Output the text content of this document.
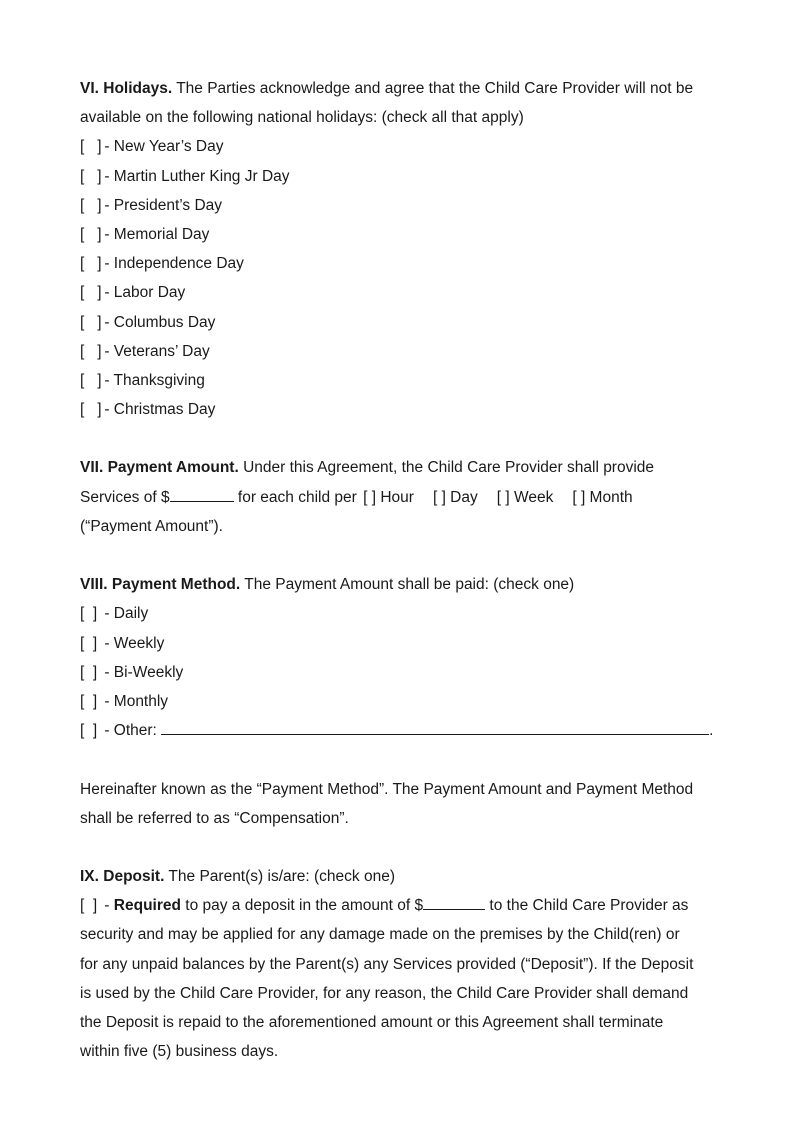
VI. Holidays. The Parties acknowledge and agree that the Child Care Provider will not be
available on the following national holidays: (check all that apply)
[   ] - New Year’s Day
[   ] - Martin Luther King Jr Day
[   ] - President’s Day
[   ] - Memorial Day
[   ] - Independence Day
[   ] - Labor Day
[   ] - Columbus Day
[   ] - Veterans’ Day
[   ] - Thanksgiving
[   ] - Christmas Day
VII. Payment Amount. Under this Agreement, the Child Care Provider shall provide
Services of $	for each child per [ ] Hour [ ] Day [ ] Week [ ] Month
(“Payment Amount”).
VIII. Payment Method. The Payment Amount shall be paid: (check one)
[  ] - Daily
[  ] - Weekly
[  ] - Bi-Weekly
[  ] - Monthly
[  ] - Other:	.
Hereinafter known as the “Payment Method”. The Payment Amount and Payment Method
shall be referred to as “Compensation”.
IX. Deposit. The Parent(s) is/are: (check one)
[  ] - Required to pay a deposit in the amount of $	to the Child Care Provider as
security and may be applied for any damage made on the premises by the Child(ren) or
for any unpaid balances by the Parent(s) any Services provided (“Deposit”). If the Deposit
is used by the Child Care Provider, for any reason, the Child Care Provider shall demand
the Deposit is repaid to the aforementioned amount or this Agreement shall terminate
within five (5) business days.
